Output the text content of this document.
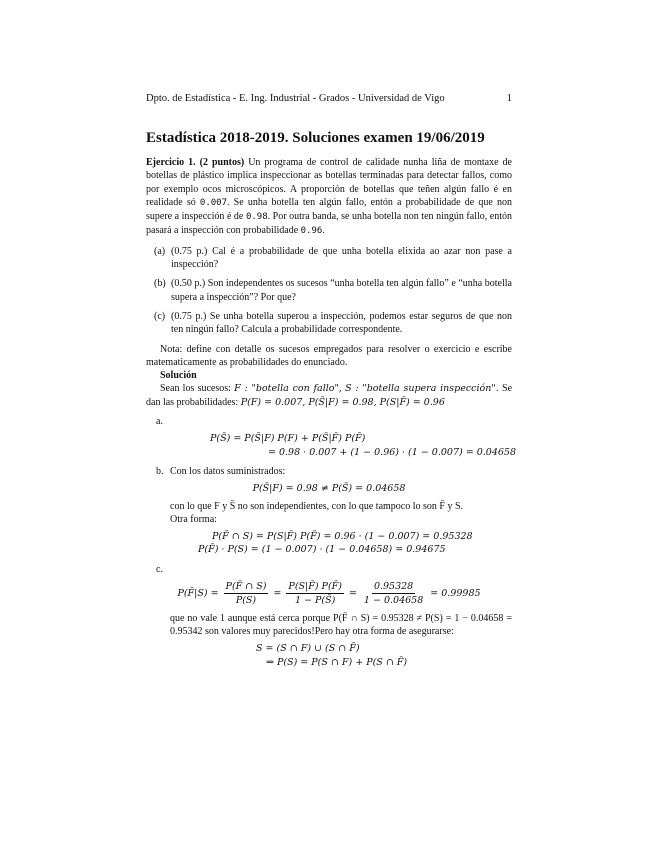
Dpto. de Estadística - E. Ing. Industrial - Grados - Universidad de Vigo	1
Estadística 2018-2019. Soluciones examen 19/06/2019

Ejercicio 1. (2 puntos) Un programa de control de calidade nunha liña de montaxe de botellas de plástico implica inspeccionar as botellas terminadas para detectar fallos, como por exemplo ocos microscópicos. A proporción de botellas que teñen algún fallo é en realidade só 0.007. Se unha botella ten algún fallo, entón a probabilidade de que non supere a inspección é de 0.98. Por outra banda, se unha botella non ten ningún fallo, entón pasará a inspección con probabilidade 0.96.

(a) (0.75 p.) Cal é a probabilidade de que unha botella elixida ao azar non pase a inspección?
(b) (0.50 p.) Son independentes os sucesos “unha botella ten algún fallo” e “unha botella supera a inspección”? Por que?
(c) (0.75 p.) Se unha botella superou a inspección, podemos estar seguros de que non ten ningún fallo? Calcula a probabilidade correspondente.

Nota: define con detalle os sucesos empregados para resolver o exercicio e escribe matematicamente as probabilidades do enunciado.

Solución

Sean los sucesos: F : "botella con fallo", S : "botella supera inspección". Se dan las probabilidades: P(F) = 0.007, P(S̄|F) = 0.98, P(S|F̄) = 0.96

a.
P(S̄) = P(S̄|F) P(F) + P(S̄|F̄) P(F̄)
= 0.98 · 0.007 + (1 − 0.96) · (1 − 0.007) = 0.04658
b. Con los datos suministrados:
P(S̄|F) = 0.98 ≠ P(S̄) = 0.04658

con lo que F y S̄ no son independientes, con lo que tampoco lo son F̄ y S.

Otra forma:

P(F̄ ∩ S) = P(S|F̄) P(F̄) = 0.96 · (1 − 0.007) = 0.95328
P(F̄) · P(S) = (1 − 0.007) · (1 − 0.04658) = 0.94675
c.
P(F̄|S) = $\frac{P(F̄ \cap S)}{P(S)} = \frac{P(S|F̄) P(F̄)}{1 - P(S̄)} = \frac{0.95328}{1 - 0.04658} = 0.99985$

que no vale 1 aunque está cerca porque P(F̄ ∩ S) = 0.95328 ≠ P(S) = 1 − 0.04658 = 0.95342 son valores muy parecidos!Pero hay otra forma de asegurarse:

S = (S ∩ F) ∪ (S ∩ F̄)
⇒ P(S) = P(S ∩ F) + P(S ∩ F̄)
